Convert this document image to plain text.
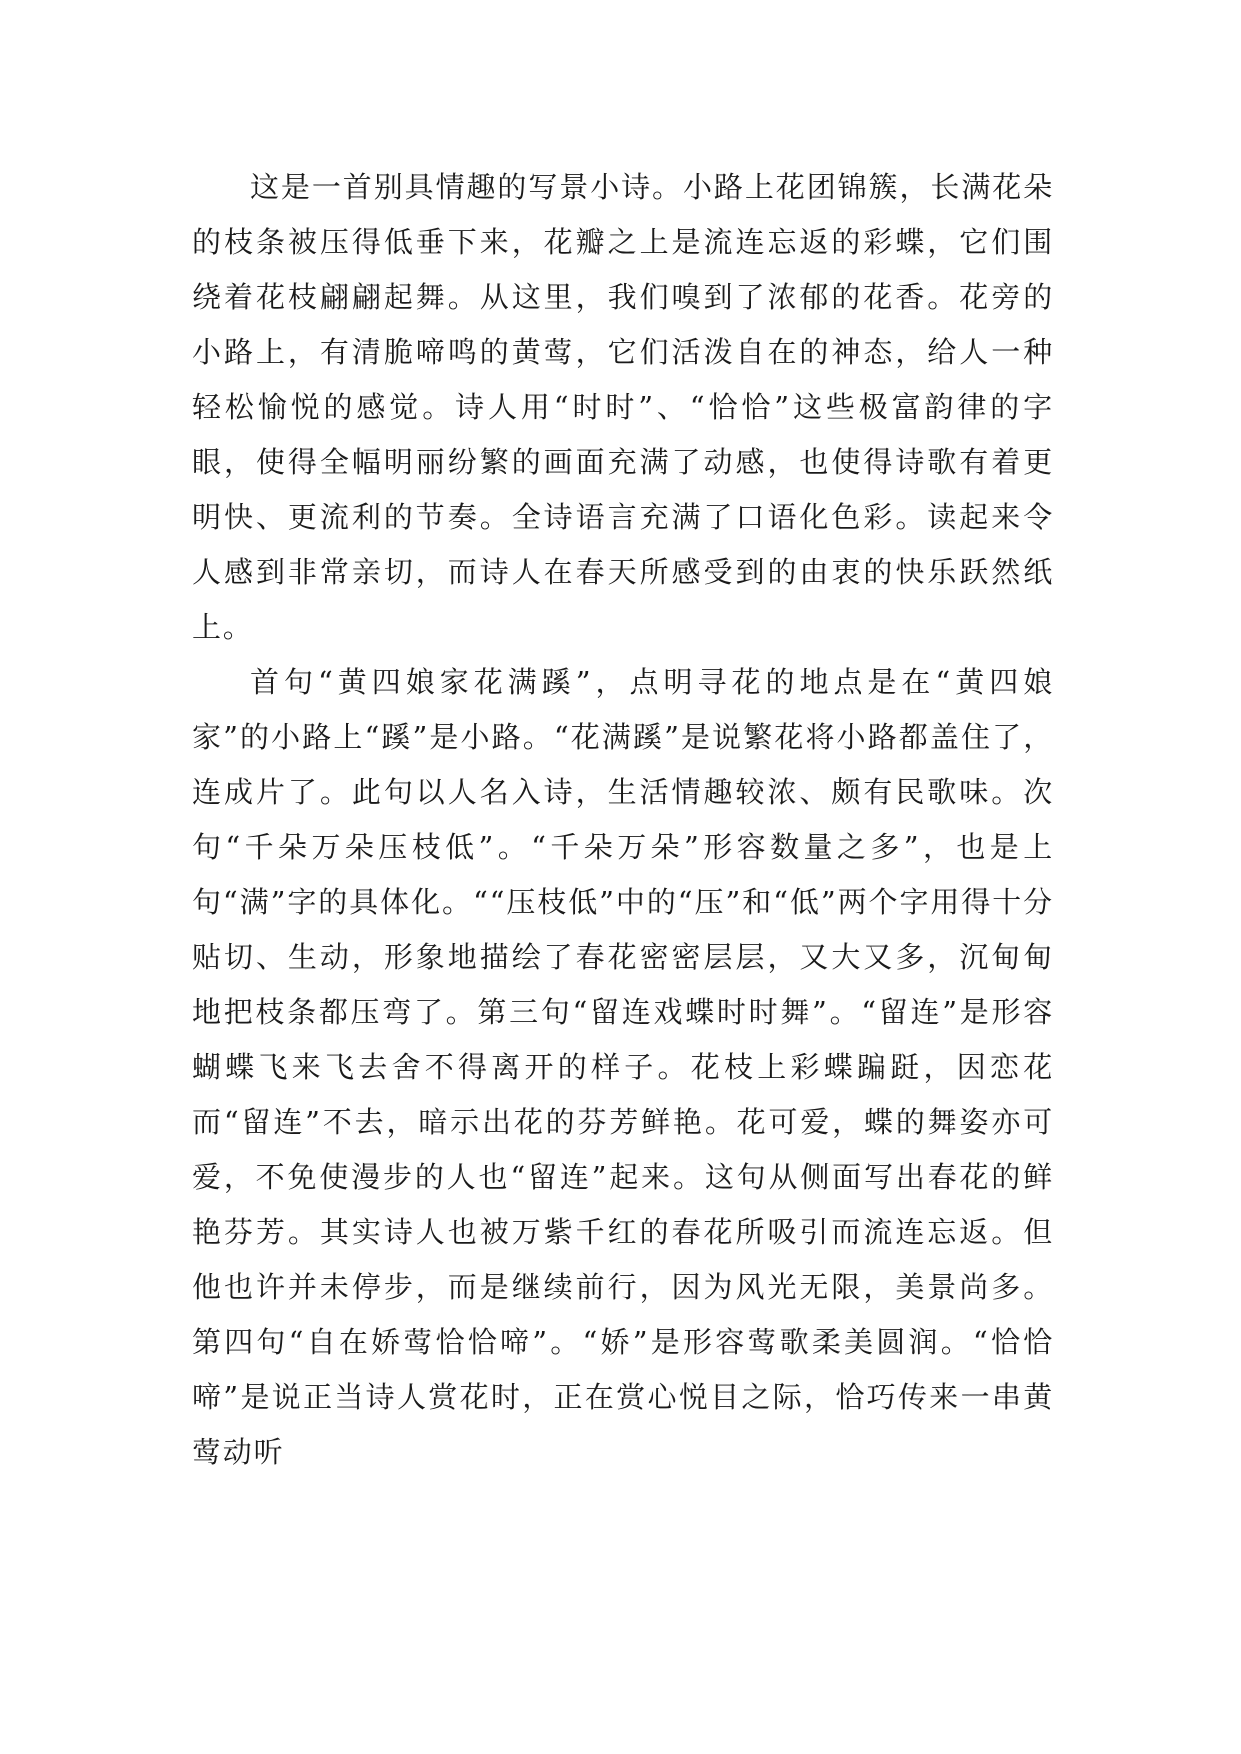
这是一首别具情趣的写景小诗。小路上花团锦簇，长满花朵的枝条被压得低垂下来，花瓣之上是流连忘返的彩蝶，它们围绕着花枝翩翩起舞。从这里，我们嗅到了浓郁的花香。花旁的小路上，有清脆啼鸣的黄莺，它们活泼自在的神态，给人一种轻松愉悦的感觉。诗人用“时时”、“恰恰”这些极富韵律的字眼，使得全幅明丽纷繁的画面充满了动感，也使得诗歌有着更明快、更流利的节奏。全诗语言充满了口语化色彩。读起来令人感到非常亲切，而诗人在春天所感受到的由衷的快乐跃然纸上。

首句“黄四娘家花满蹊”，点明寻花的地点是在“黄四娘家”的小路上“蹊”是小路。“花满蹊”是说繁花将小路都盖住了，连成片了。此句以人名入诗，生活情趣较浓、颇有民歌味。次句“千朵万朵压枝低”。“千朵万朵”形容数量之多”，也是上句“满”字的具体化。““压枝低”中的“压”和“低”两个字用得十分贴切、生动，形象地描绘了春花密密层层，又大又多，沉甸甸地把枝条都压弯了。第三句“留连戏蝶时时舞”。“留连”是形容蝴蝶飞来飞去舍不得离开的样子。花枝上彩蝶蹁跹，因恋花而“留连”不去，暗示出花的芬芳鲜艳。花可爱，蝶的舞姿亦可爱，不免使漫步的人也“留连”起来。这句从侧面写出春花的鲜艳芬芳。其实诗人也被万紫千红的春花所吸引而流连忘返。但他也许并未停步，而是继续前行，因为风光无限，美景尚多。第四句“自在娇莺恰恰啼”。“娇”是形容莺歌柔美圆润。“恰恰啼”是说正当诗人赏花时，正在赏心悦目之际，恰巧传来一串黄莺动听
